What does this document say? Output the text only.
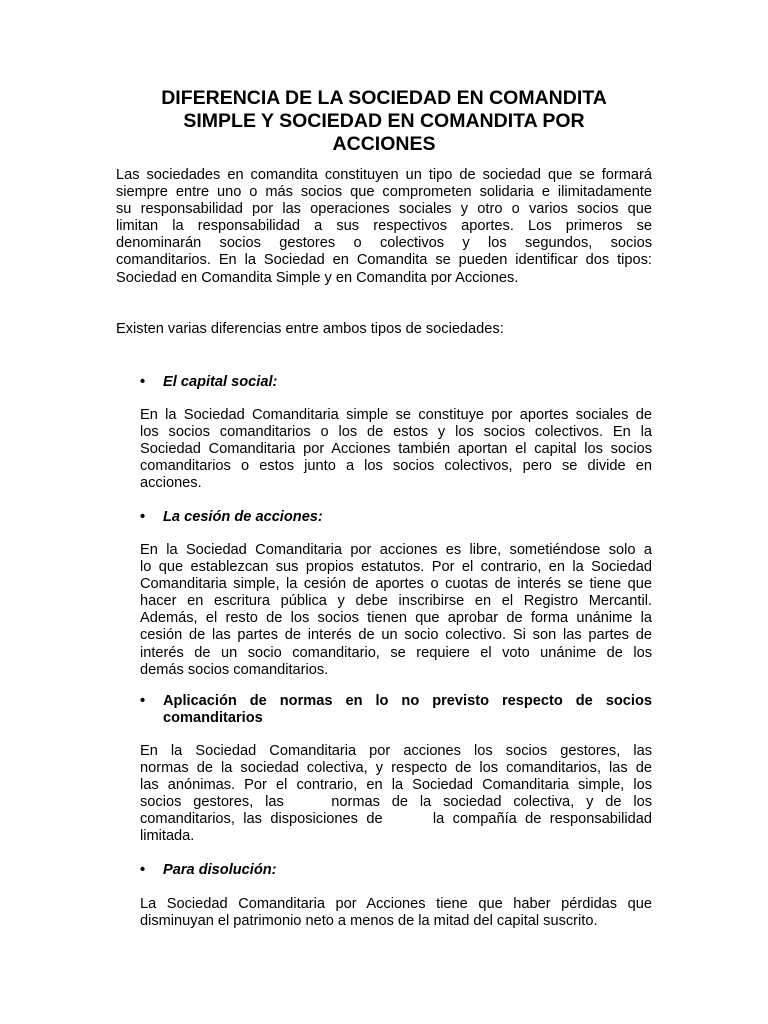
DIFERENCIA DE LA SOCIEDAD EN COMANDITA
SIMPLE Y SOCIEDAD EN COMANDITA POR
ACCIONES
Las sociedades en comandita constituyen un tipo de sociedad que se formará
siempre entre uno o más socios que comprometen solidaria e ilimitadamente
su responsabilidad por las operaciones sociales y otro o varios socios que
limitan la responsabilidad a sus respectivos aportes. Los primeros se
denominarán socios gestores o colectivos y los segundos, socios
comanditarios. En la Sociedad en Comandita se pueden identificar dos tipos:
Sociedad en Comandita Simple y en Comandita por Acciones.

Existen varias diferencias entre ambos tipos de sociedades:

•	El capital social:
En la Sociedad Comanditaria simple se constituye por aportes sociales de
los socios comanditarios o los de estos y los socios colectivos. En la
Sociedad Comanditaria por Acciones también aportan el capital los socios
comanditarios o estos junto a los socios colectivos, pero se divide en
acciones.
•	La cesión de acciones:
En la Sociedad Comanditaria por acciones es libre, sometiéndose solo a
lo que establezcan sus propios estatutos. Por el contrario, en la Sociedad
Comanditaria simple, la cesión de aportes o cuotas de interés se tiene que
hacer en escritura pública y debe inscribirse en el Registro Mercantil.
Además, el resto de los socios tienen que aprobar de forma unánime la
cesión de las partes de interés de un socio colectivo. Si son las partes de
interés de un socio comanditario, se requiere el voto unánime de los
demás socios comanditarios.
•	Aplicación de normas en lo no previsto respecto de socios
comanditarios
En la Sociedad Comanditaria por acciones los socios gestores, las
normas de la sociedad colectiva, y respecto de los comanditarios, las de
las anónimas. Por el contrario, en la Sociedad Comanditaria simple, los
socios gestores, las    normas de la sociedad colectiva, y de los
comanditarios, las disposiciones de      la compañía de responsabilidad
limitada.
•	Para disolución:
La Sociedad Comanditaria por Acciones tiene que haber pérdidas que
disminuyan el patrimonio neto a menos de la mitad del capital suscrito.
